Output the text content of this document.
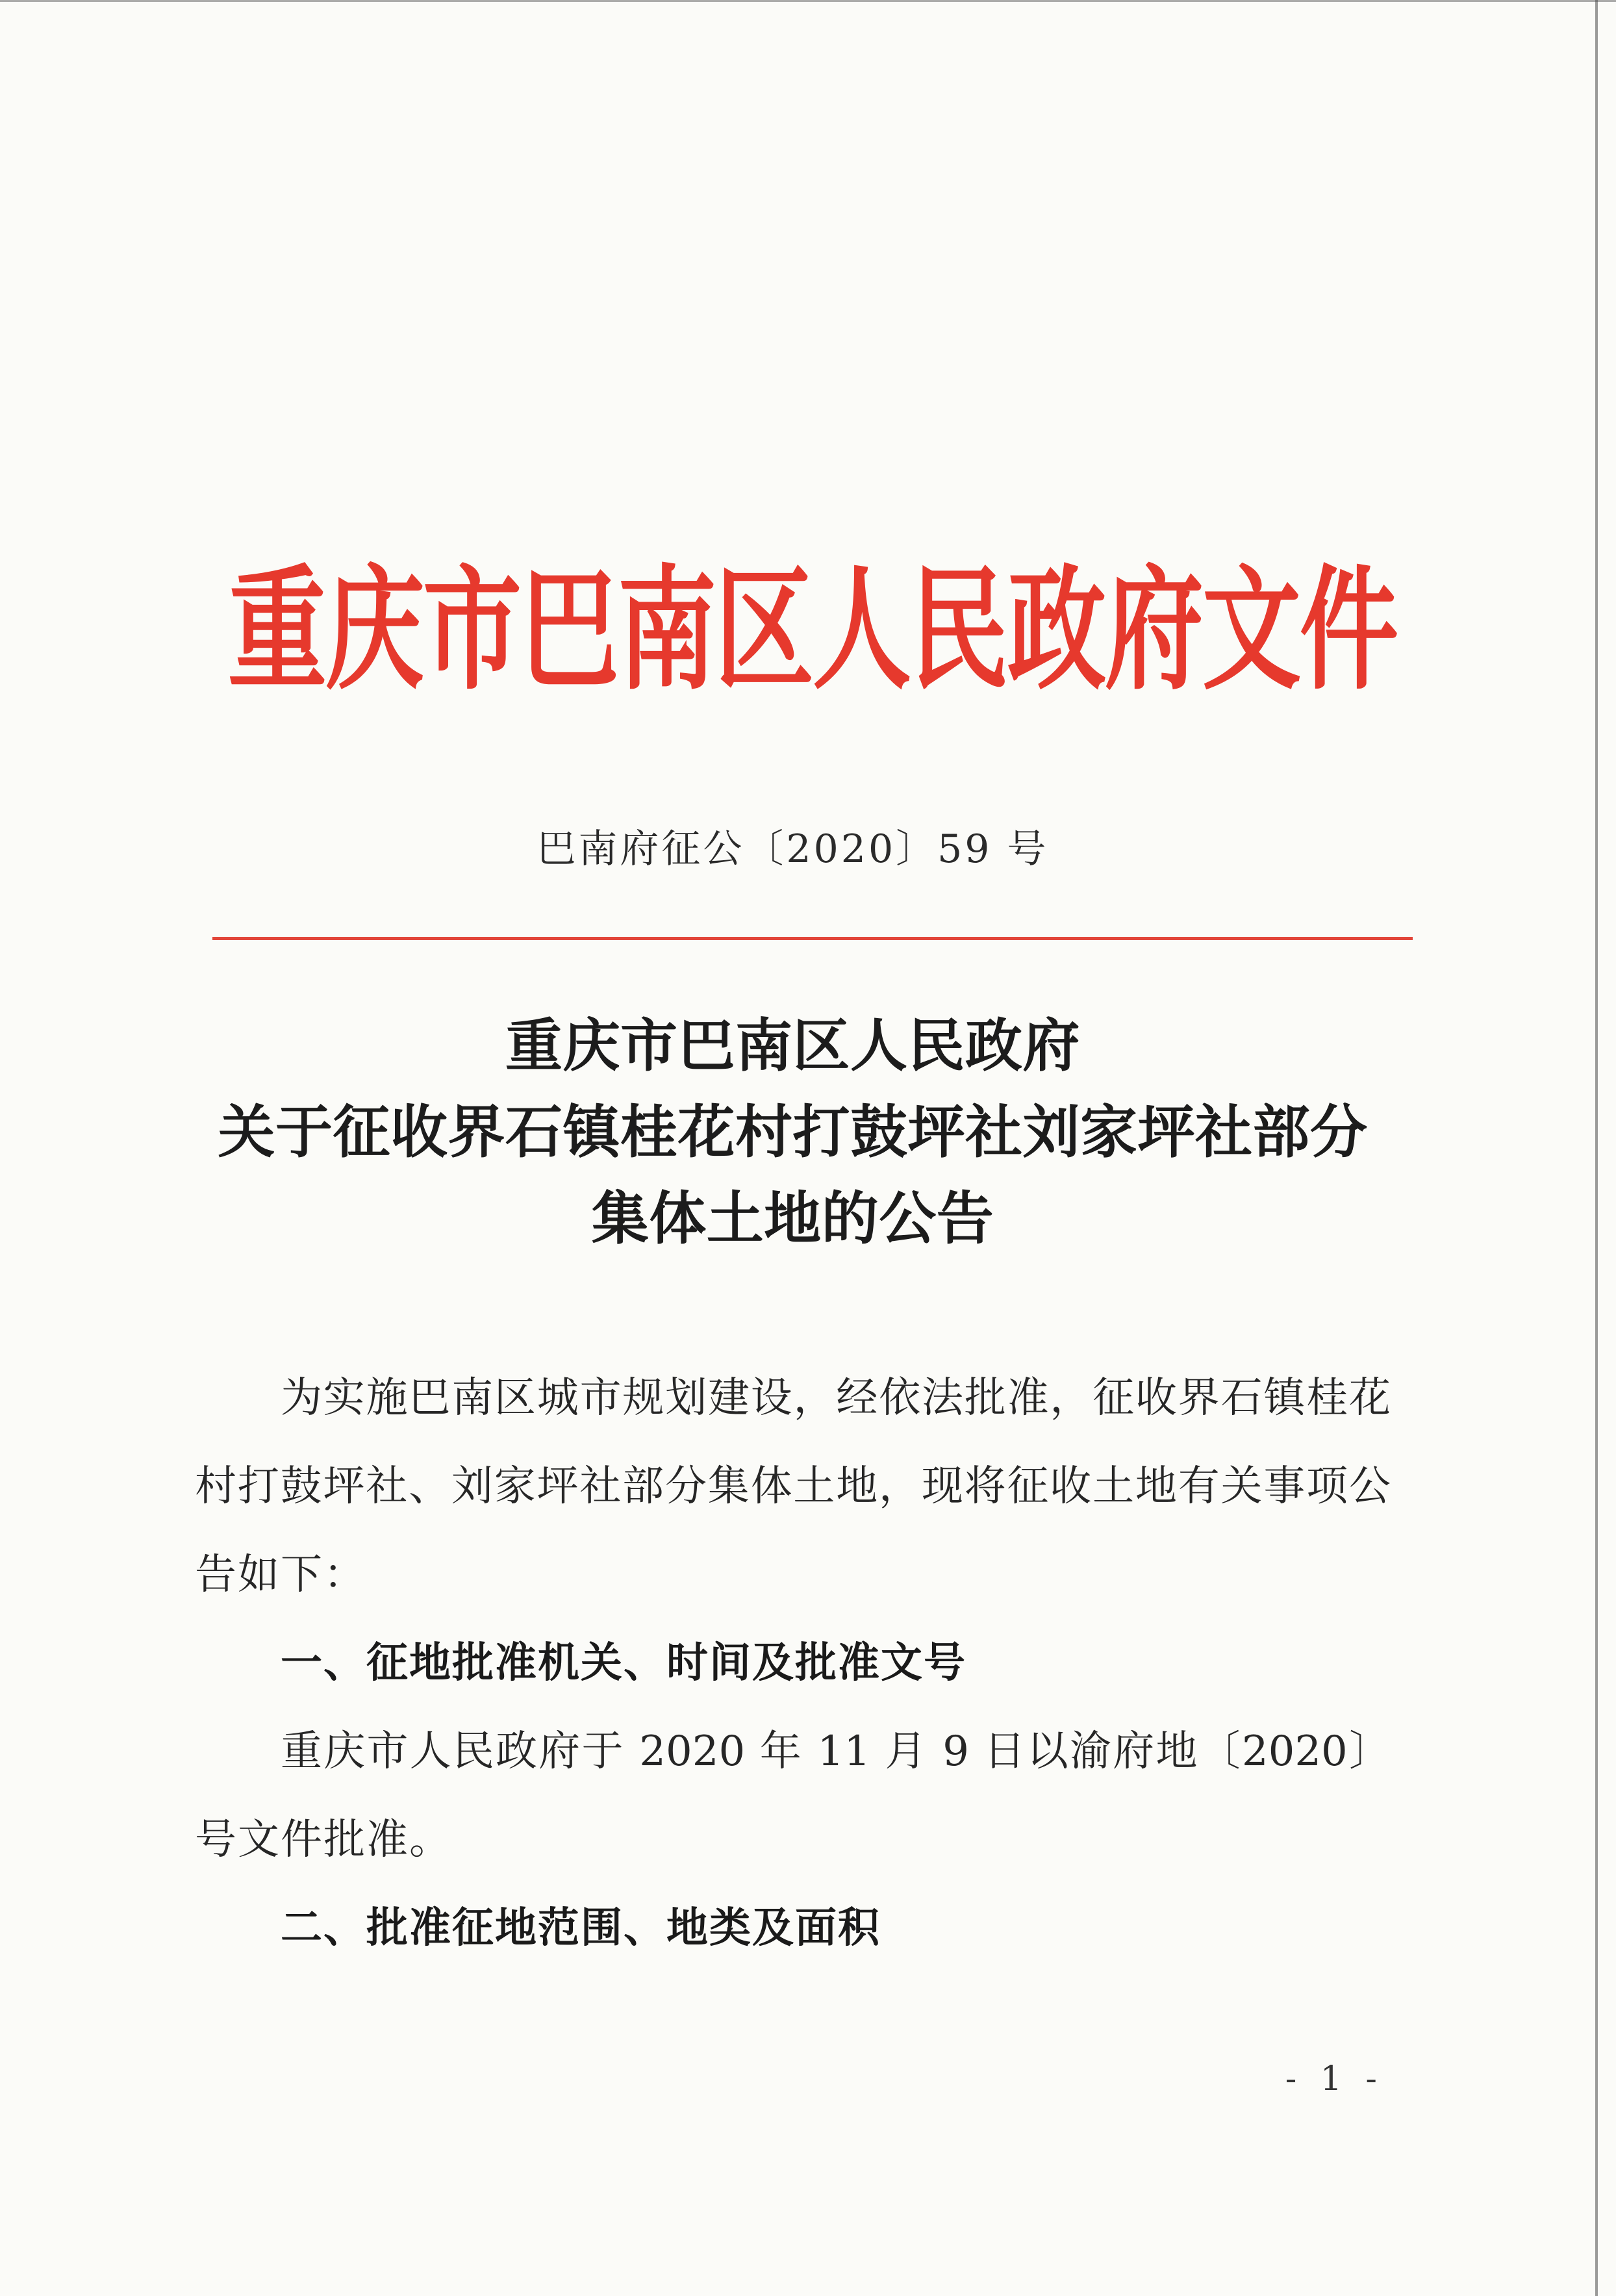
重庆市巴南区人民政府文件
巴南府征公〔2020〕59 号
重庆市巴南区人民政府
关于征收界石镇桂花村打鼓坪社刘家坪社部分
集体土地的公告
为实施巴南区城市规划建设，经依法批准，征收界石镇桂花
村打鼓坪社、刘家坪社部分集体土地，现将征收土地有关事项公
告如下：
一、征地批准机关、时间及批准文号
重庆市人民政府于 2020 年 11 月 9 日以渝府地〔2020〕
号文件批准。
二、批准征地范围、地类及面积
- 1 -
